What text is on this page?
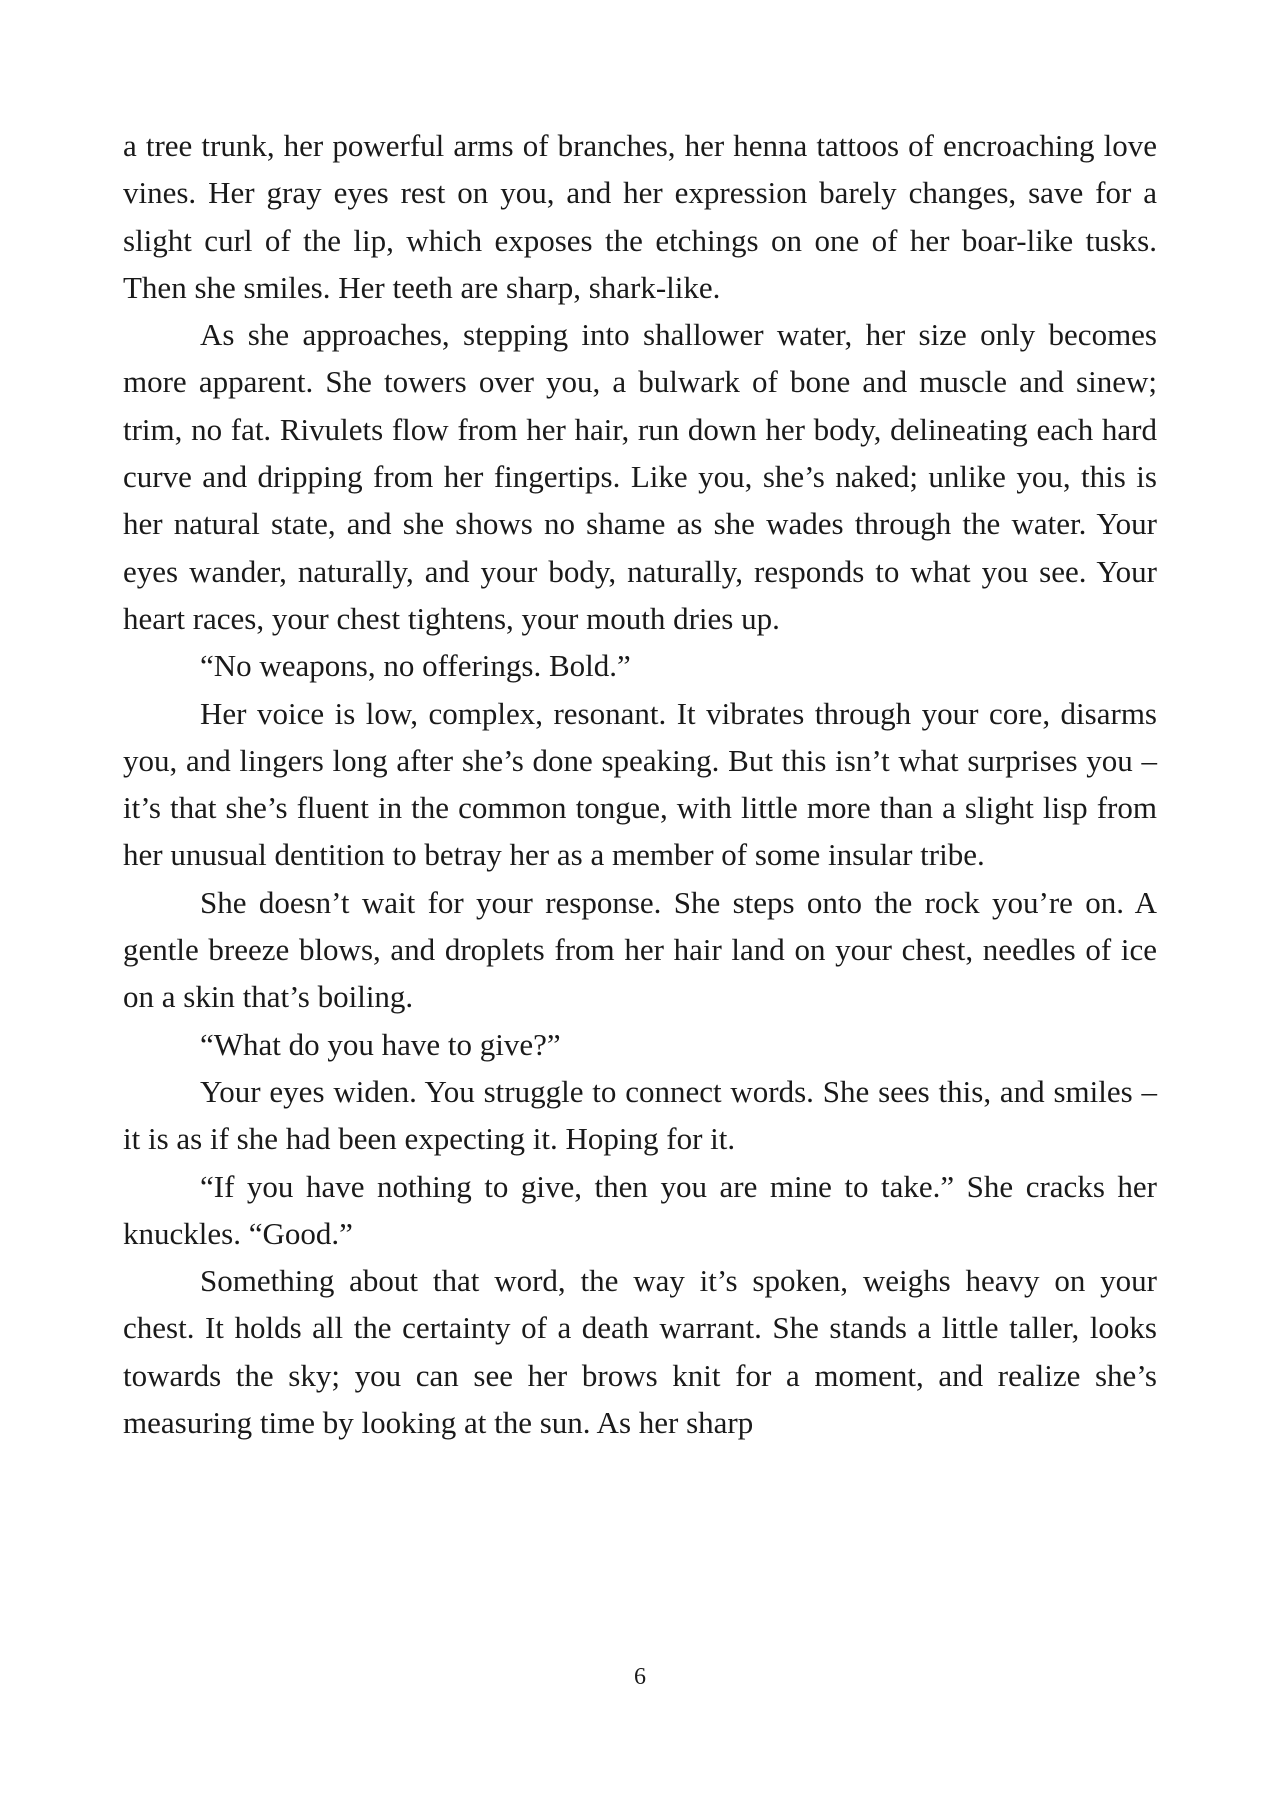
a tree trunk, her powerful arms of branches, her henna tattoos of encroaching love vines. Her gray eyes rest on you, and her expression barely changes, save for a slight curl of the lip, which exposes the etchings on one of her boar-like tusks. Then she smiles. Her teeth are sharp, shark-like.

As she approaches, stepping into shallower water, her size only becomes more apparent. She towers over you, a bulwark of bone and muscle and sinew; trim, no fat. Rivulets flow from her hair, run down her body, delineating each hard curve and dripping from her fingertips. Like you, she’s naked; unlike you, this is her natural state, and she shows no shame as she wades through the water. Your eyes wander, naturally, and your body, naturally, responds to what you see. Your heart races, your chest tightens, your mouth dries up.

“No weapons, no offerings. Bold.”

Her voice is low, complex, resonant. It vibrates through your core, disarms you, and lingers long after she’s done speaking. But this isn’t what surprises you – it’s that she’s fluent in the common tongue, with little more than a slight lisp from her unusual dentition to betray her as a member of some insular tribe.

She doesn’t wait for your response. She steps onto the rock you’re on. A gentle breeze blows, and droplets from her hair land on your chest, needles of ice on a skin that’s boiling.

“What do you have to give?”

Your eyes widen. You struggle to connect words. She sees this, and smiles – it is as if she had been expecting it. Hoping for it.

“If you have nothing to give, then you are mine to take.” She cracks her knuckles. “Good.”

Something about that word, the way it’s spoken, weighs heavy on your chest. It holds all the certainty of a death warrant. She stands a little taller, looks towards the sky; you can see her brows knit for a moment, and realize she’s measuring time by looking at the sun. As her sharp

6
